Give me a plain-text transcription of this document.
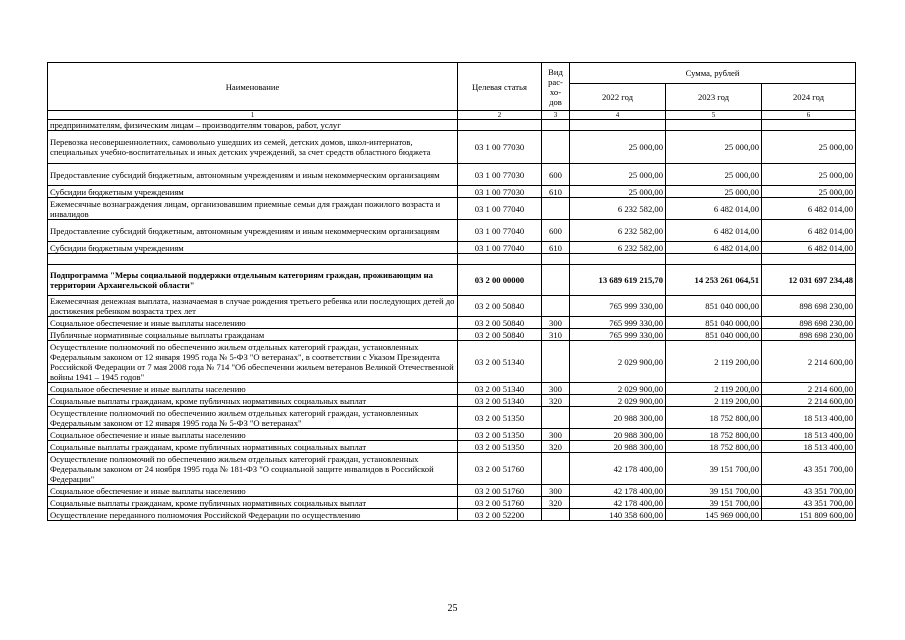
Наименование	Целевая статья	Вид рас-хо-дов	Сумма, рублей		
			2022 год	2023 год	2024 год
1	2	3	4	5	6
предпринимателям, физическим лицам – производителям товаров, работ, услуг					
Перевозка несовершеннолетних, самовольно ушедших из семей, детских домов, школ-интернатов, специальных учебно-воспитательных и иных детских учреждений, за счет средств областного бюджета	03 1 00 77030		25 000,00	25 000,00	25 000,00
Предоставление субсидий бюджетным, автономным учреждениям и иным некоммерческим организациям	03 1 00 77030	600	25 000,00	25 000,00	25 000,00
Субсидии бюджетным учреждениям	03 1 00 77030	610	25 000,00	25 000,00	25 000,00
Ежемесячные вознаграждения лицам, организовавшим приемные семьи для граждан пожилого возраста и инвалидов	03 1 00 77040		6 232 582,00	6 482 014,00	6 482 014,00
Предоставление субсидий бюджетным, автономным учреждениям и иным некоммерческим организациям	03 1 00 77040	600	6 232 582,00	6 482 014,00	6 482 014,00
Субсидии бюджетным учреждениям	03 1 00 77040	610	6 232 582,00	6 482 014,00	6 482 014,00

Подпрограмма "Меры социальной поддержки отдельным категориям граждан, проживающим на территории Архангельской области"	03 2 00 00000		13 689 619 215,70	14 253 261 064,51	12 031 697 234,48
Ежемесячная денежная выплата, назначаемая в случае рождения третьего ребенка или последующих детей до достижения ребенком возраста трех лет	03 2 00 50840		765 999 330,00	851 040 000,00	898 698 230,00
Социальное обеспечение и иные выплаты населению	03 2 00 50840	300	765 999 330,00	851 040 000,00	898 698 230,00
Публичные нормативные социальные выплаты гражданам	03 2 00 50840	310	765 999 330,00	851 040 000,00	898 698 230,00
Осуществление полномочий по обеспечению жильем отдельных категорий граждан, установленных Федеральным законом от 12 января 1995 года № 5-ФЗ "О ветеранах", в соответствии с Указом Президента Российской Федерации от 7 мая 2008 года № 714 "Об обеспечении жильем ветеранов Великой Отечественной войны 1941 – 1945 годов"	03 2 00 51340		2 029 900,00	2 119 200,00	2 214 600,00
Социальное обеспечение и иные выплаты населению	03 2 00 51340	300	2 029 900,00	2 119 200,00	2 214 600,00
Социальные выплаты гражданам, кроме публичных нормативных социальных выплат	03 2 00 51340	320	2 029 900,00	2 119 200,00	2 214 600,00
Осуществление полномочий по обеспечению жильем отдельных категорий граждан, установленных Федеральным законом от 12 января 1995 года № 5-ФЗ "О ветеранах"	03 2 00 51350		20 988 300,00	18 752 800,00	18 513 400,00
Социальное обеспечение и иные выплаты населению	03 2 00 51350	300	20 988 300,00	18 752 800,00	18 513 400,00
Социальные выплаты гражданам, кроме публичных нормативных социальных выплат	03 2 00 51350	320	20 988 300,00	18 752 800,00	18 513 400,00
Осуществление полномочий по обеспечению жильем отдельных категорий граждан, установленных Федеральным законом от 24 ноября 1995 года № 181-ФЗ "О социальной защите инвалидов в Российской Федерации"	03 2 00 51760		42 178 400,00	39 151 700,00	43 351 700,00
Социальное обеспечение и иные выплаты населению	03 2 00 51760	300	42 178 400,00	39 151 700,00	43 351 700,00
Социальные выплаты гражданам, кроме публичных нормативных социальных выплат	03 2 00 51760	320	42 178 400,00	39 151 700,00	43 351 700,00
Осуществление переданного полномочия Российской Федерации по осуществлению	03 2 00 52200		140 358 600,00	145 969 000,00	151 809 600,00
25
